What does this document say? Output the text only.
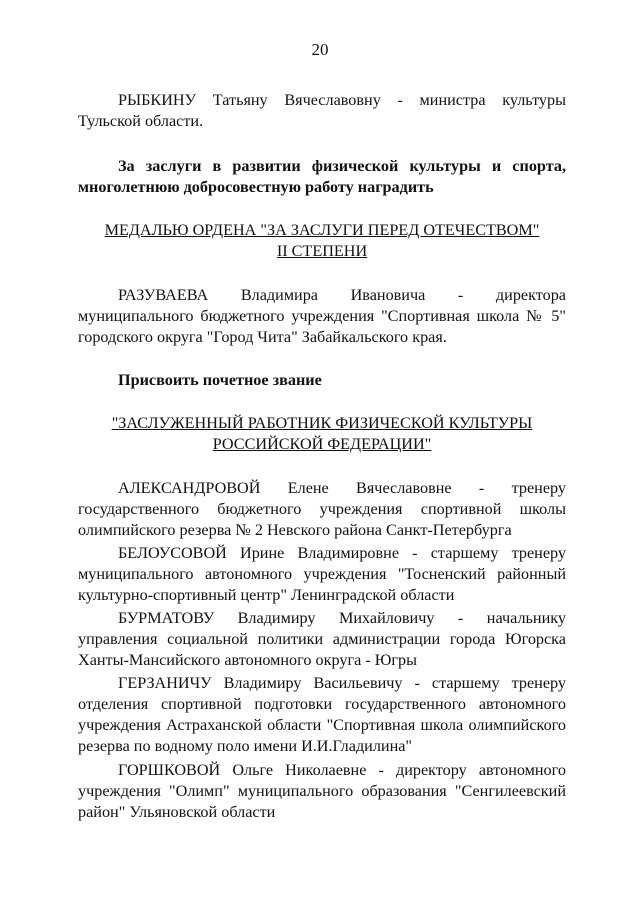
20
РЫБКИНУ Татьяну Вячеславовну - министра культуры
Тульской области.
За заслуги в развитии физической культуры и спорта,
многолетнюю добросовестную работу наградить
МЕДАЛЬЮ ОРДЕНА "ЗА ЗАСЛУГИ ПЕРЕД ОТЕЧЕСТВОМ"
II СТЕПЕНИ
РАЗУВАЕВА Владимира Ивановича - директора
муниципального бюджетного учреждения "Спортивная школа № 5"
городского округа "Город Чита" Забайкальского края.
Присвоить почетное звание
"ЗАСЛУЖЕННЫЙ РАБОТНИК ФИЗИЧЕСКОЙ КУЛЬТУРЫ
РОССИЙСКОЙ ФЕДЕРАЦИИ"
АЛЕКСАНДРОВОЙ Елене Вячеславовне - тренеру
государственного бюджетного учреждения спортивной школы
олимпийского резерва № 2 Невского района Санкт-Петербурга
БЕЛОУСОВОЙ Ирине Владимировне - старшему тренеру
муниципального автономного учреждения "Тосненский районный
культурно-спортивный центр" Ленинградской области
БУРМАТОВУ Владимиру Михайловичу - начальнику
управления социальной политики администрации города Югорска
Ханты-Мансийского автономного округа - Югры
ГЕРЗАНИЧУ Владимиру Васильевичу - старшему тренеру
отделения спортивной подготовки государственного автономного
учреждения Астраханской области "Спортивная школа олимпийского
резерва по водному поло имени И.И.Гладилина"
ГОРШКОВОЙ Ольге Николаевне - директору автономного
учреждения "Олимп" муниципального образования "Сенгилеевский
район" Ульяновской области
